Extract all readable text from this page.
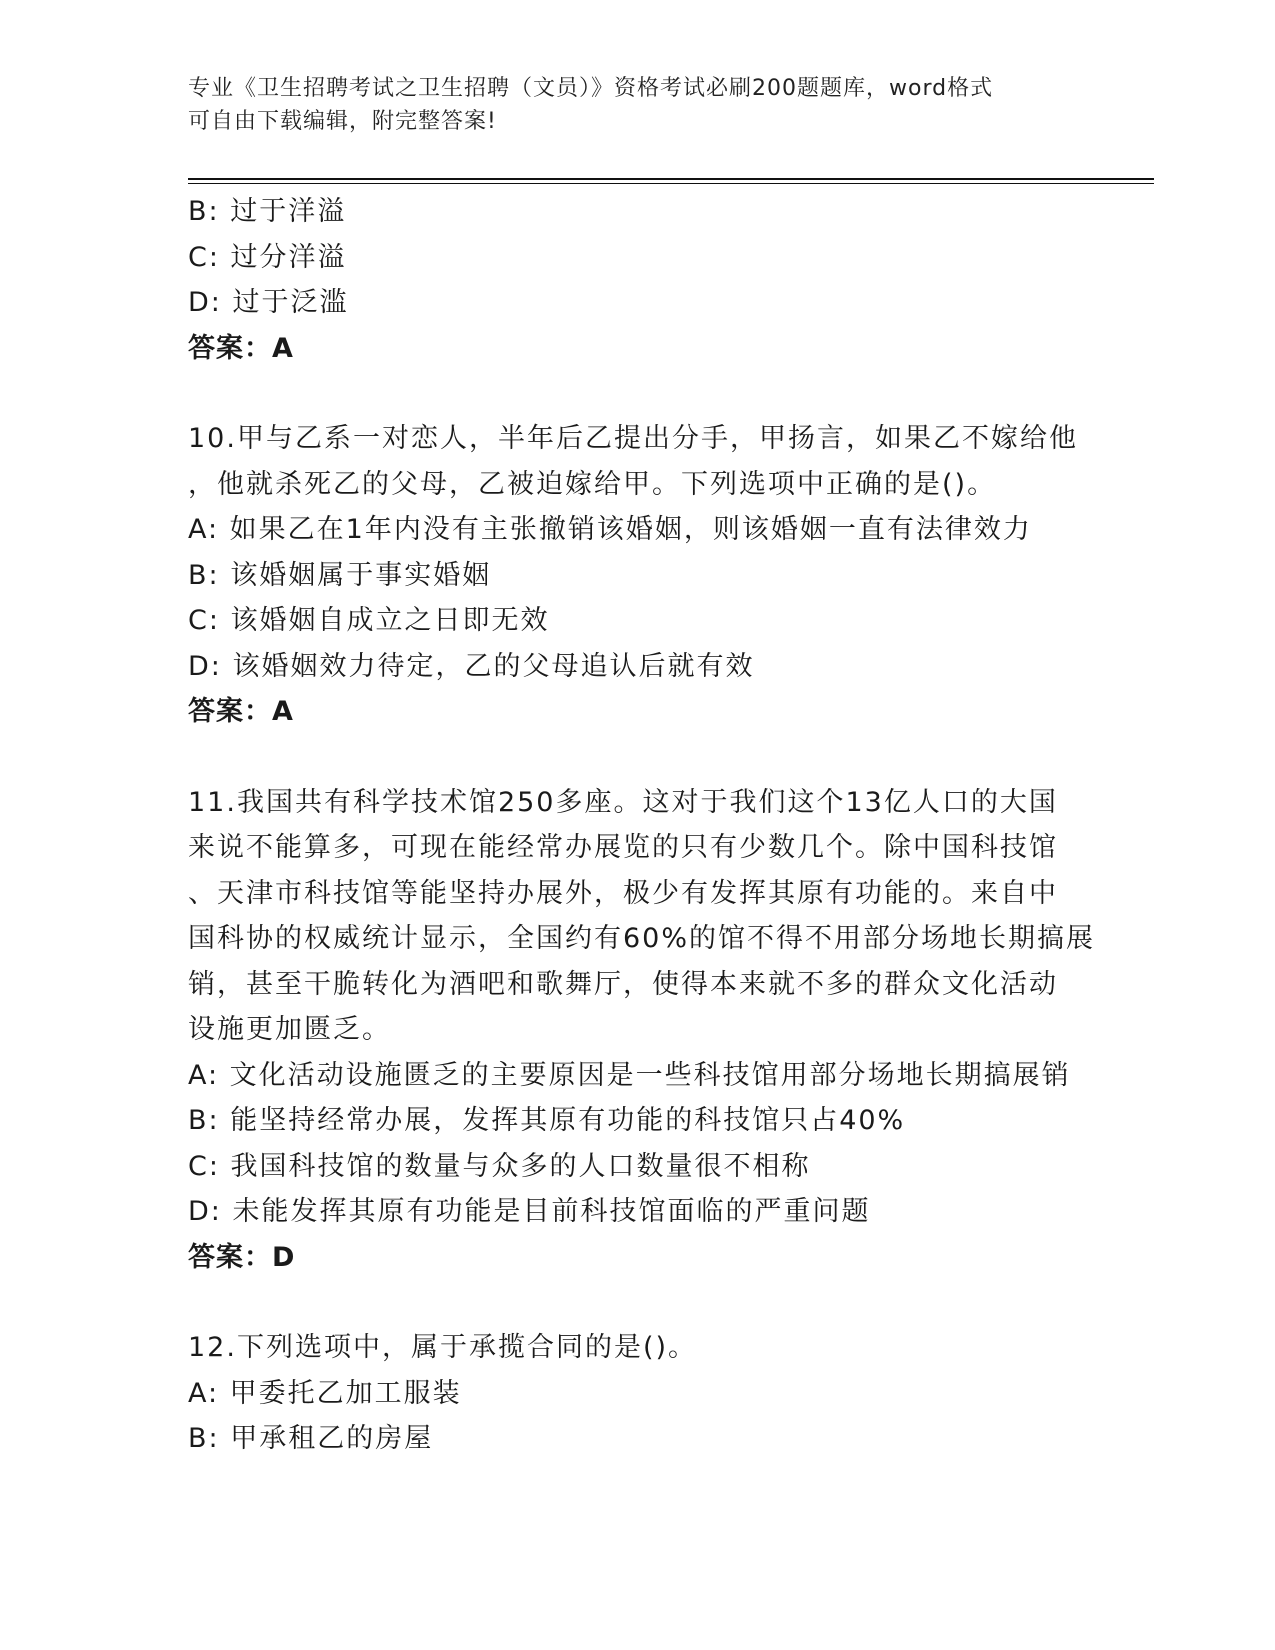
专业《卫生招聘考试之卫生招聘（文员）》资格考试必刷200题题库，word格式
可自由下载编辑，附完整答案!
B: 过于洋溢
C: 过分洋溢
D: 过于泛滥
答案：A
10.甲与乙系一对恋人，半年后乙提出分手，甲扬言，如果乙不嫁给他
，他就杀死乙的父母，乙被迫嫁给甲。下列选项中正确的是()。
A: 如果乙在1年内没有主张撤销该婚姻，则该婚姻一直有法律效力
B: 该婚姻属于事实婚姻
C: 该婚姻自成立之日即无效
D: 该婚姻效力待定，乙的父母追认后就有效
答案：A
11.我国共有科学技术馆250多座。这对于我们这个13亿人口的大国
来说不能算多，可现在能经常办展览的只有少数几个。除中国科技馆
、天津市科技馆等能坚持办展外，极少有发挥其原有功能的。来自中
国科协的权威统计显示，全国约有60%的馆不得不用部分场地长期搞展
销，甚至干脆转化为酒吧和歌舞厅，使得本来就不多的群众文化活动
设施更加匮乏。
A: 文化活动设施匮乏的主要原因是一些科技馆用部分场地长期搞展销
B: 能坚持经常办展，发挥其原有功能的科技馆只占40%
C: 我国科技馆的数量与众多的人口数量很不相称
D: 未能发挥其原有功能是目前科技馆面临的严重问题
答案：D
12.下列选项中，属于承揽合同的是()。
A: 甲委托乙加工服装
B: 甲承租乙的房屋
